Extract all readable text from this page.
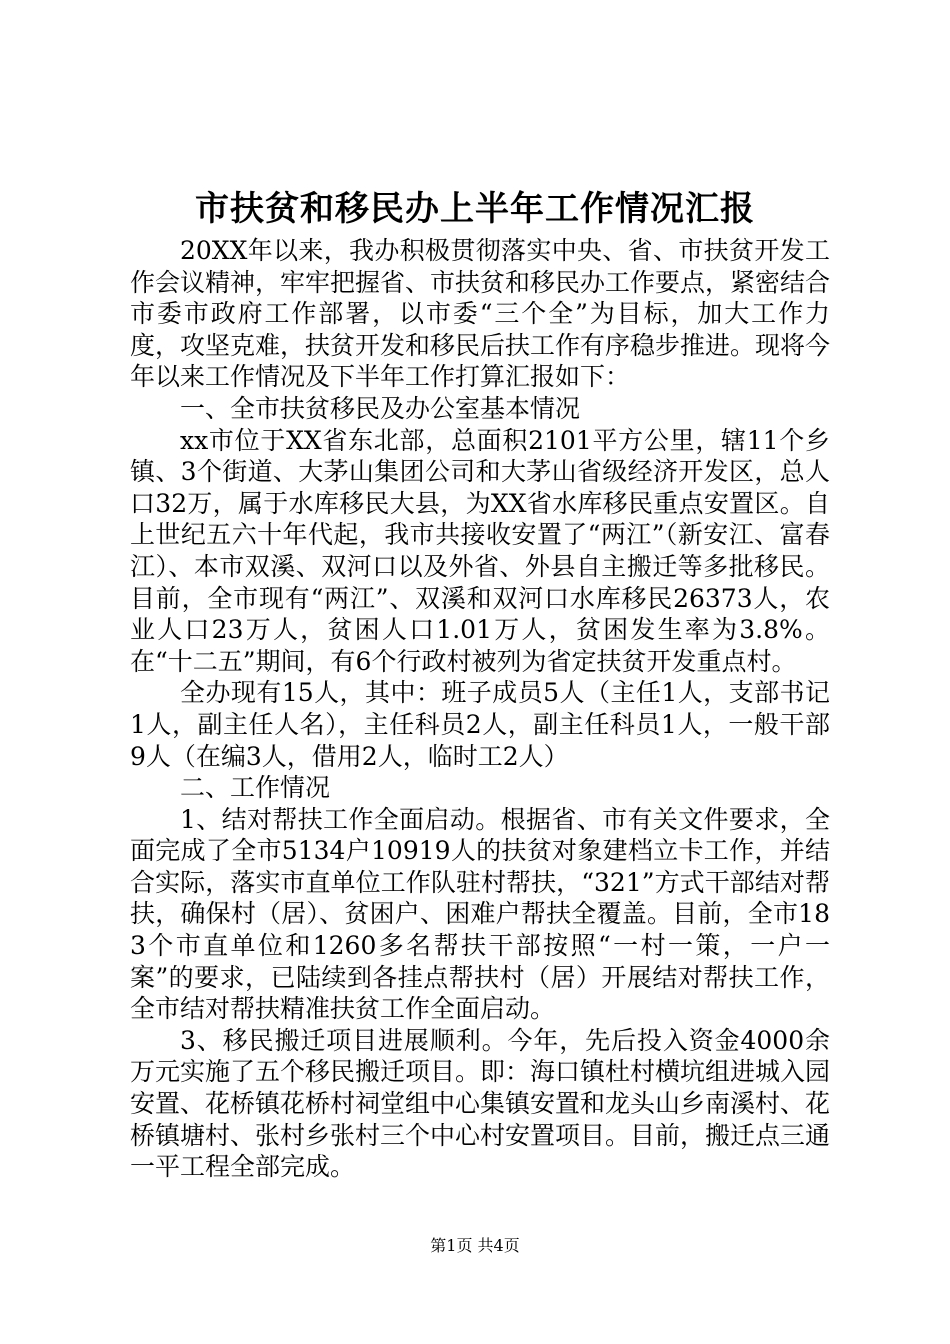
市扶贫和移民办上半年工作情况汇报

20XX年以来，我办积极贯彻落实中央、省、市扶贫开发工作会议精神，牢牢把握省、市扶贫和移民办工作要点，紧密结合市委市政府工作部署，以市委“三个全”为目标，加大工作力度，攻坚克难，扶贫开发和移民后扶工作有序稳步推进。现将今年以来工作情况及下半年工作打算汇报如下：

一、全市扶贫移民及办公室基本情况

xx市位于XX省东北部，总面积2101平方公里，辖11个乡镇、3个街道、大茅山集团公司和大茅山省级经济开发区，总人口32万，属于水库移民大县，为XX省水库移民重点安置区。自上世纪五六十年代起，我市共接收安置了“两江”（新安江、富春江）、本市双溪、双河口以及外省、外县自主搬迁等多批移民。目前，全市现有“两江”、双溪和双河口水库移民26373人，农业人口23万人，贫困人口1.01万人，贫困发生率为3.8%。在“十二五”期间，有6个行政村被列为省定扶贫开发重点村。

全办现有15人，其中：班子成员5人（主任1人，支部书记1人，副主任人名），主任科员2人，副主任科员1人，一般干部9人（在编3人，借用2人，临时工2人）

二、工作情况

1、结对帮扶工作全面启动。根据省、市有关文件要求，全面完成了全市5134户10919人的扶贫对象建档立卡工作，并结合实际，落实市直单位工作队驻村帮扶，“321”方式干部结对帮扶，确保村（居）、贫困户、困难户帮扶全覆盖。目前，全市183个市直单位和1260多名帮扶干部按照“一村一策，一户一案”的要求，已陆续到各挂点帮扶村（居）开展结对帮扶工作，全市结对帮扶精准扶贫工作全面启动。

3、移民搬迁项目进展顺利。今年，先后投入资金4000余万元实施了五个移民搬迁项目。即：海口镇杜村横坑组进城入园安置、花桥镇花桥村祠堂组中心集镇安置和龙头山乡南溪村、花桥镇塘村、张村乡张村三个中心村安置项目。目前，搬迁点三通一平工程全部完成。

第1页 共4页
